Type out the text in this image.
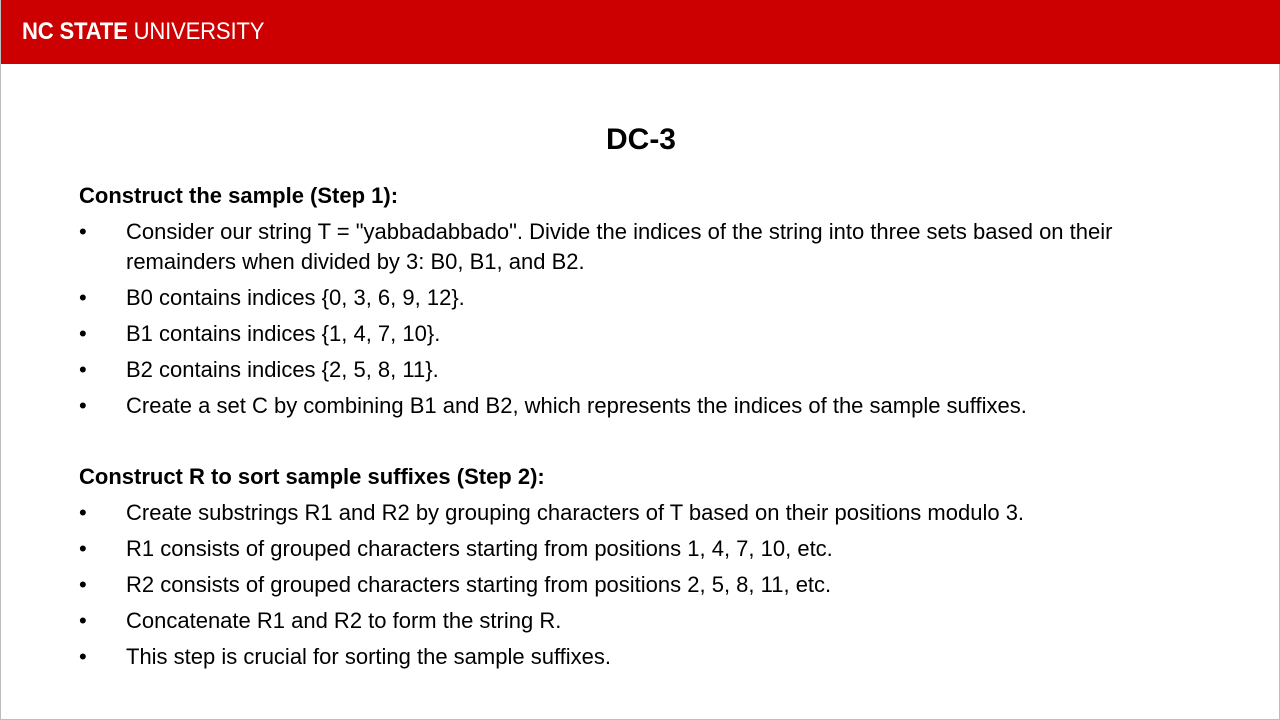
NC STATE UNIVERSITY
DC-3
Construct the sample (Step 1):
• Consider our string T = "yabbadabbado". Divide the indices of the string into three sets based on their remainders when divided by 3: B0, B1, and B2.
• B0 contains indices {0, 3, 6, 9, 12}.
• B1 contains indices {1, 4, 7, 10}.
• B2 contains indices {2, 5, 8, 11}.
• Create a set C by combining B1 and B2, which represents the indices of the sample suffixes.
Construct R to sort sample suffixes (Step 2):
• Create substrings R1 and R2 by grouping characters of T based on their positions modulo 3.
• R1 consists of grouped characters starting from positions 1, 4, 7, 10, etc.
• R2 consists of grouped characters starting from positions 2, 5, 8, 11, etc.
• Concatenate R1 and R2 to form the string R.
• This step is crucial for sorting the sample suffixes.
